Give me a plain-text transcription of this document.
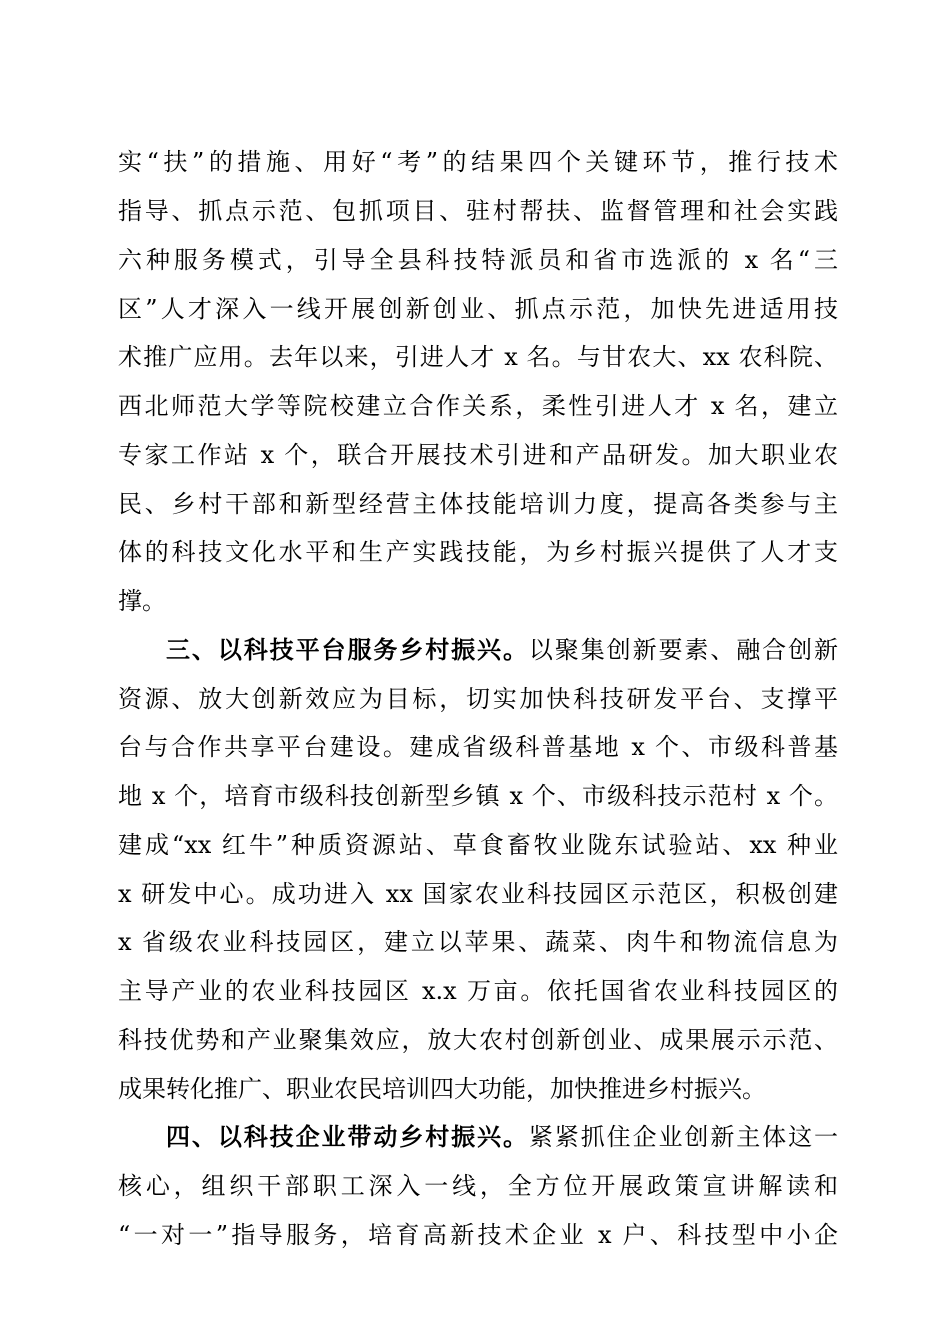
实“扶”的措施、用好“考”的结果四个关键环节，推行技术
指导、抓点示范、包抓项目、驻村帮扶、监督管理和社会实践
六种服务模式，引导全县科技特派员和省市选派的 x 名“三
区”人才深入一线开展创新创业、抓点示范，加快先进适用技
术推广应用。去年以来，引进人才 x 名。与甘农大、xx 农科院、
西北师范大学等院校建立合作关系，柔性引进人才 x 名，建立
专家工作站 x 个，联合开展技术引进和产品研发。加大职业农
民、乡村干部和新型经营主体技能培训力度，提高各类参与主
体的科技文化水平和生产实践技能，为乡村振兴提供了人才支
撑。
三、以科技平台服务乡村振兴。以聚集创新要素、融合创新
资源、放大创新效应为目标，切实加快科技研发平台、支撑平
台与合作共享平台建设。建成省级科普基地 x 个、市级科普基
地 x 个，培育市级科技创新型乡镇 x 个、市级科技示范村 x 个。
建成“xx 红牛”种质资源站、草食畜牧业陇东试验站、xx 种业
x 研发中心。成功进入 xx 国家农业科技园区示范区，积极创建
x 省级农业科技园区，建立以苹果、蔬菜、肉牛和物流信息为
主导产业的农业科技园区 x.x 万亩。依托国省农业科技园区的
科技优势和产业聚集效应，放大农村创新创业、成果展示示范、
成果转化推广、职业农民培训四大功能，加快推进乡村振兴。
四、以科技企业带动乡村振兴。紧紧抓住企业创新主体这一
核心，组织干部职工深入一线，全方位开展政策宣讲解读和
“一对一”指导服务，培育高新技术企业 x 户、科技型中小企
